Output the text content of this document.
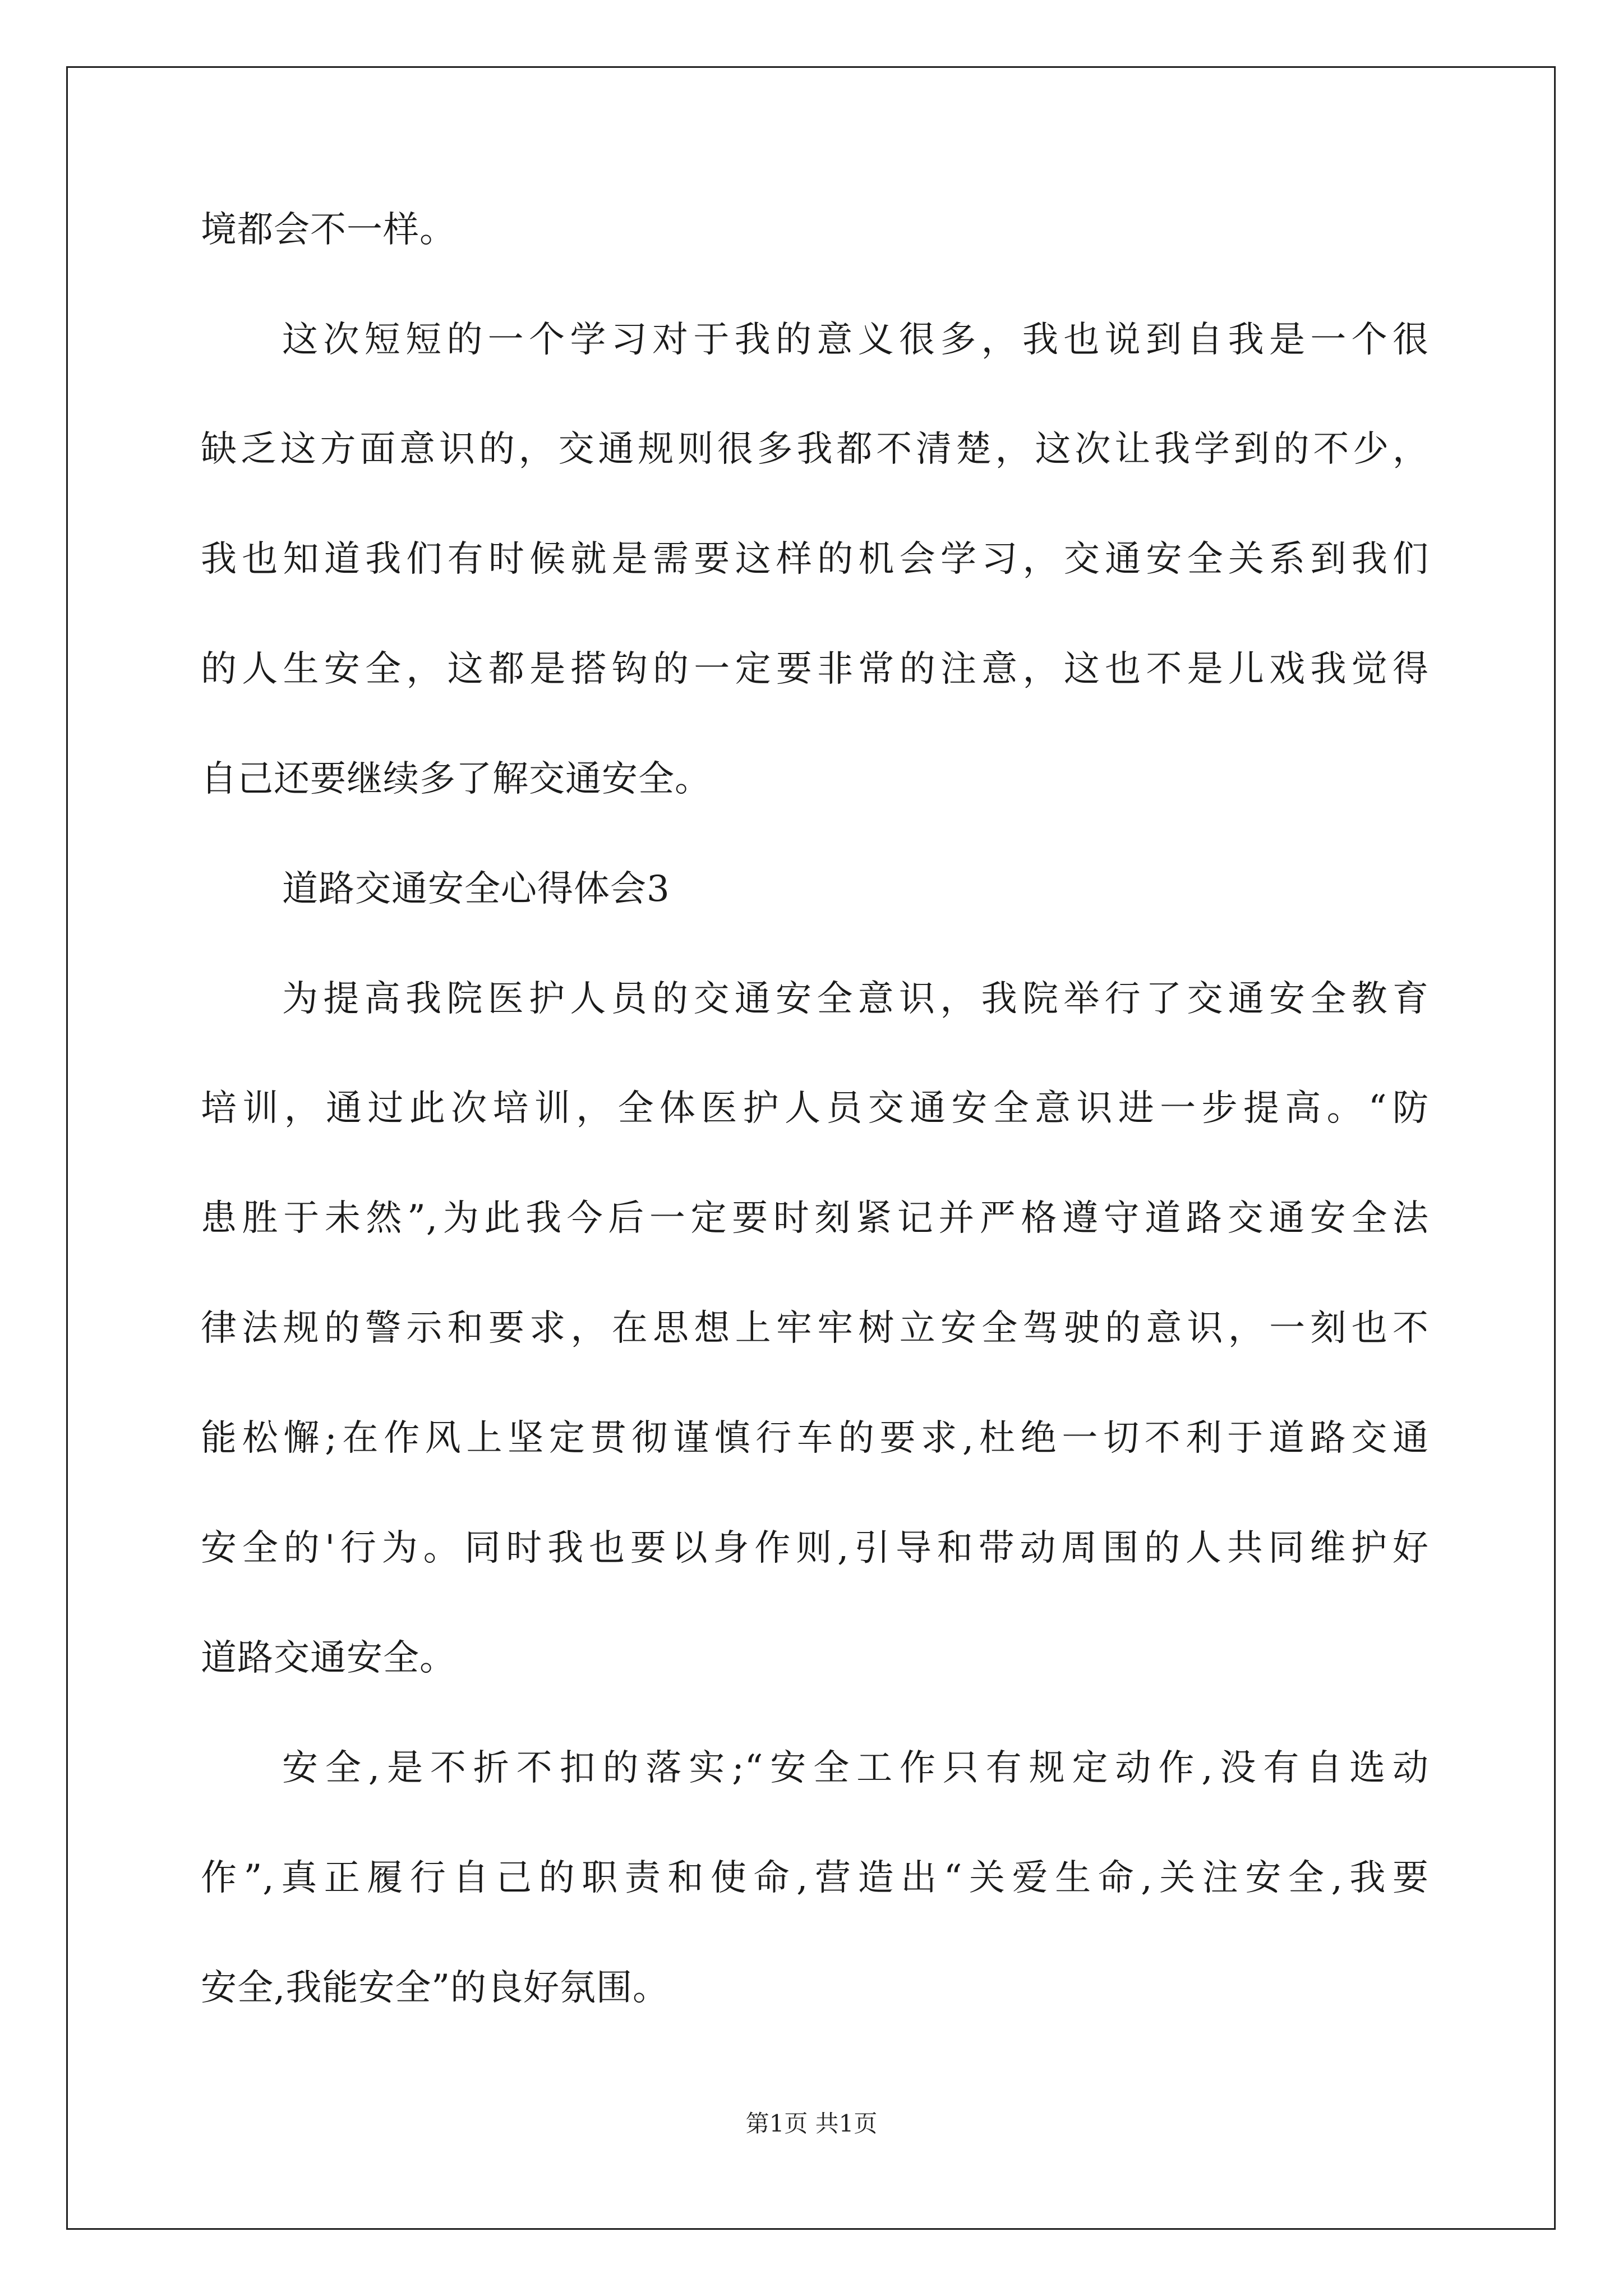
境都会不一样。

这次短短的一个学习对于我的意义很多，我也说到自我是一个很

缺乏这方面意识的，交通规则很多我都不清楚，这次让我学到的不少，

我也知道我们有时候就是需要这样的机会学习，交通安全关系到我们

的人生安全，这都是搭钩的一定要非常的注意，这也不是儿戏我觉得

自己还要继续多了解交通安全。

道路交通安全心得体会3

为提高我院医护人员的交通安全意识，我院举行了交通安全教育

培训，通过此次培训，全体医护人员交通安全意识进一步提高。“防

患胜于未然”,为此我今后一定要时刻紧记并严格遵守道路交通安全法

律法规的警示和要求，在思想上牢牢树立安全驾驶的意识，一刻也不

能松懈;在作风上坚定贯彻谨慎行车的要求,杜绝一切不利于道路交通

安全的'行为。同时我也要以身作则,引导和带动周围的人共同维护好

道路交通安全。

安全,是不折不扣的落实;“安全工作只有规定动作,没有自选动

作”,真正履行自己的职责和使命,营造出“关爱生命,关注安全,我要

安全,我能安全”的良好氛围。

第1页 共1页
